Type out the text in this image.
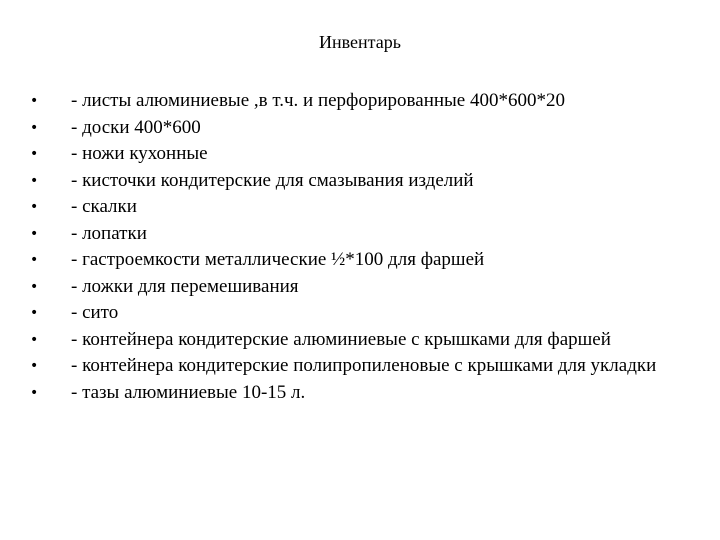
Инвентарь
• - листы алюминиевые ,в т.ч. и перфорированные 400*600*20
• - доски 400*600
• - ножи кухонные
• - кисточки кондитерские для смазывания изделий
• - скалки
• - лопатки
• - гастроемкости металлические ½*100 для фаршей
• - ложки для перемешивания
• - сито
• - контейнера кондитерские алюминиевые с крышками для фаршей
• - контейнера кондитерские полипропиленовые с крышками для укладки
• - тазы алюминиевые 10-15 л.
